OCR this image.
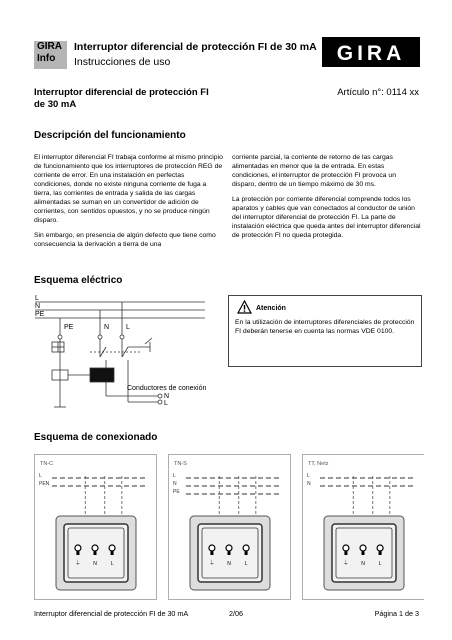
GIRA
Info
Interruptor diferencial de protección FI de 30 mA
Instrucciones de uso	GIRA
Interruptor diferencial de protección FI de 30 mA
Artículo n°: 0114 xx
Descripción del funcionamiento

El interruptor diferencial FI trabaja conforme al mismo principio de funcionamiento que los interruptores de protección REG de corriente de error. En una instalación en perfectas condiciones, donde no existe ninguna corriente de fuga a tierra, las corrientes de entrada y salida de las cargas alimentadas se suman en un convertidor de adición de corrientes, con sentidos opuestos, y no se produce ningún disparo.

Sin embargo, en presencia de algún defecto que tiene como consecuencia la derivación a tierra de una

corriente parcial, la corriente de retorno de las cargas alimentadas en menor que la de entrada. En estas condiciones, el interruptor de protección FI provoca un disparo, dentro de un tiempo máximo de 30 ms.

La protección por corriente diferencial comprende todos los aparatos y cables que van conectados al conductor de unión del interruptor diferencial de protección FI. La parte de instalación eléctrica que queda antes del interruptor diferencial de protección FI no queda protegida.

Esquema eléctrico
L
N
PE
PE	N L
Conductores de conexión
N
L
Atención
En la utilización de interruptores diferenciales de protección FI deberán tenerse en cuenta las normas VDE 0100.
Esquema de conexionado
TN-C
L
PEN
⏚ N	L
TN-S
L
N
PE
⏚ N	L
TT, Netz
L
N
⏚ N	L
Interruptor diferencial de protección FI de 30 mA	2/06	Página 1 de 3
